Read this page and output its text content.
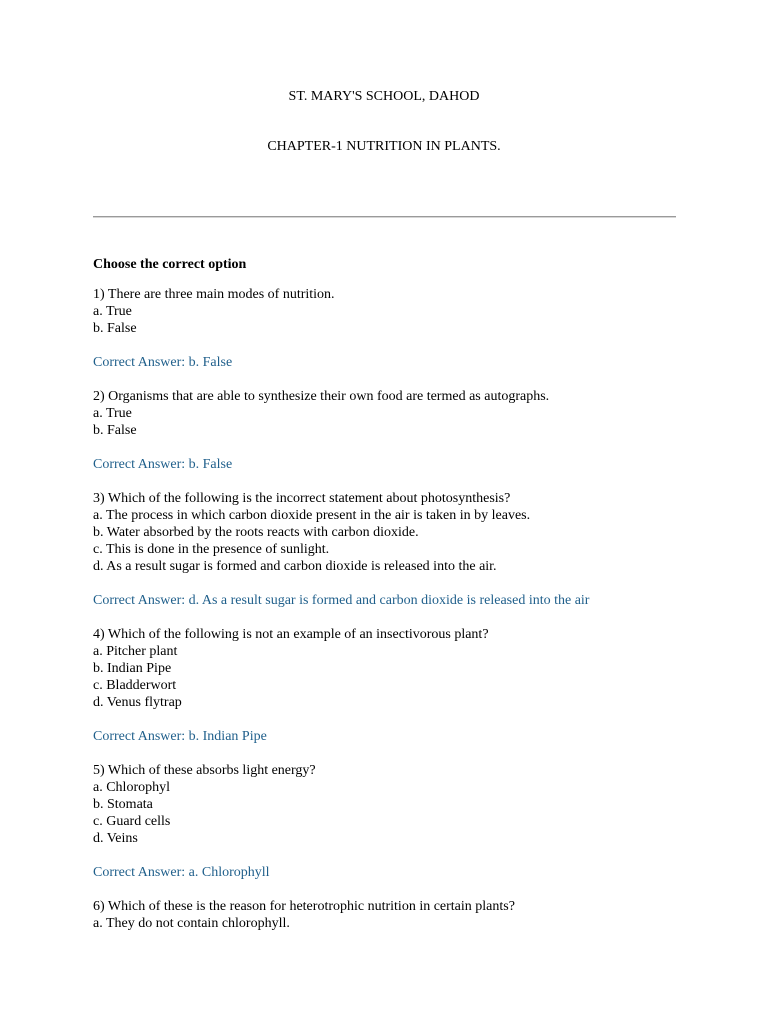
ST. MARY'S SCHOOL, DAHOD
CHAPTER-1 NUTRITION IN PLANTS.

Choose the correct option

1) There are three main modes of nutrition.

a. True

b. False

Correct Answer: b. False

2) Organisms that are able to synthesize their own food are termed as autographs.

a. True

b. False

Correct Answer: b. False

3) Which of the following is the incorrect statement about photosynthesis?

a. The process in which carbon dioxide present in the air is taken in by leaves.

b. Water absorbed by the roots reacts with carbon dioxide.

c. This is done in the presence of sunlight.

d. As a result sugar is formed and carbon dioxide is released into the air.

Correct Answer: d. As a result sugar is formed and carbon dioxide is released into the air

4) Which of the following is not an example of an insectivorous plant?

a. Pitcher plant

b. Indian Pipe

c. Bladderwort

d. Venus flytrap

Correct Answer: b. Indian Pipe

5) Which of these absorbs light energy?

a. Chlorophyl

b. Stomata

c. Guard cells

d. Veins

Correct Answer: a. Chlorophyll

6) Which of these is the reason for heterotrophic nutrition in certain plants?

a. They do not contain chlorophyll.
